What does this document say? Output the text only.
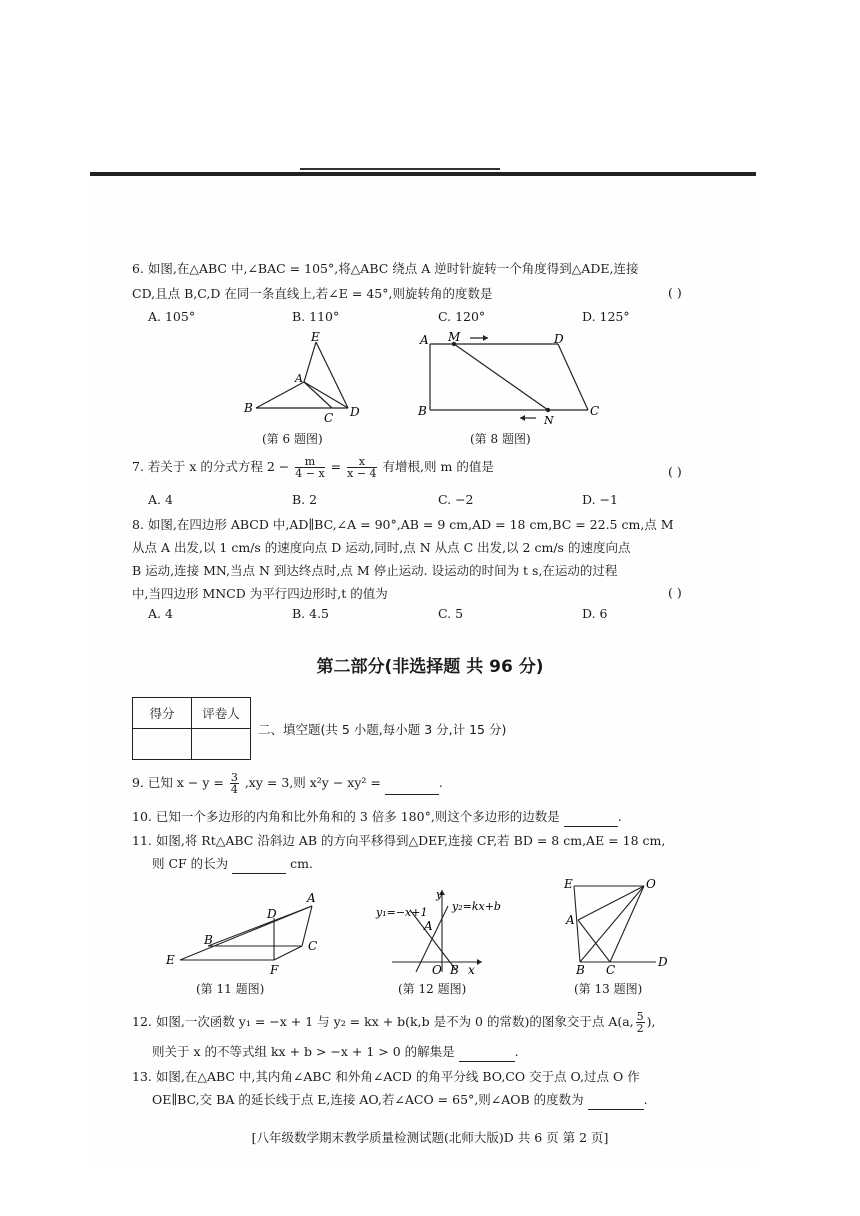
6. 如图,在△ABC 中,∠BAC = 105°,将△ABC 绕点 A 逆时针旋转一个角度得到△ADE,连接
CD,且点 B,C,D 在同一条直线上,若∠E = 45°,则旋转角的度数是	( )
A. 105°	B. 110°	C. 120°	D. 125°
E
A
B
C D
(第 6 题图)
A M	D
B
N
C
(第 8 题图)
7. 若关于 x 的分式方程 $2 - \frac{m}{4 - x} = \frac{x}{x - 4}$ 有增根,则 m 的值是	( )
A. 4	B. 2	C. −2	D. −1
8. 如图,在四边形 ABCD 中,AD∥BC,∠A = 90°,AB = 9 cm,AD = 18 cm,BC = 22.5 cm,点 M
从点 A 出发,以 1 cm/s 的速度向点 D 运动,同时,点 N 从点 C 出发,以 2 cm/s 的速度向点
B 运动,连接 MN,当点 N 到达终点时,点 M 停止运动. 设运动的时间为 t s,在运动的过程
中,当四边形 MNCD 为平行四边形时,t 的值为	( )
A. 4	B. 4.5	C. 5	D. 6
第二部分(非选择题 共 96 分)
得分	评卷人

二、填空题(共 5 小题,每小题 3 分,计 15 分)
9. 已知 $x - y = \frac{3}{4} ,xy = 3$,则 x²y − xy² =	.
10. 已知一个多边形的内角和比外角和的 3 倍多 180°,则这个多边形的边数是	.
11. 如图,将 Rt△ABC 沿斜边 AB 的方向平移得到△DEF,连接 CF,若 BD = 8 cm,AE = 18 cm,
则 CF 的长为	cm.
A
D
B	C
E
F
(第 11 题图)
y₁=−x+1 y₂=kx+b
y
A
O B x
(第 12 题图)
E	O
A
B C
D
(第 13 题图)
12. 如图,一次函数 y₁ = −x + 1 与 y₂ = kx + b(k,b 是不为 0 的常数)的图象交于点 A(a, $\frac{5}{2}$ ),
则关于 x 的不等式组 kx + b > −x + 1 > 0 的解集是	.
13. 如图,在△ABC 中,其内角∠ABC 和外角∠ACD 的角平分线 BO,CO 交于点 O,过点 O 作
OE∥BC,交 BA 的延长线于点 E,连接 AO,若∠ACO = 65°,则∠AOB 的度数为	.
[八年级数学期末教学质量检测试题(北师大版)D 共 6 页 第 2 页]
